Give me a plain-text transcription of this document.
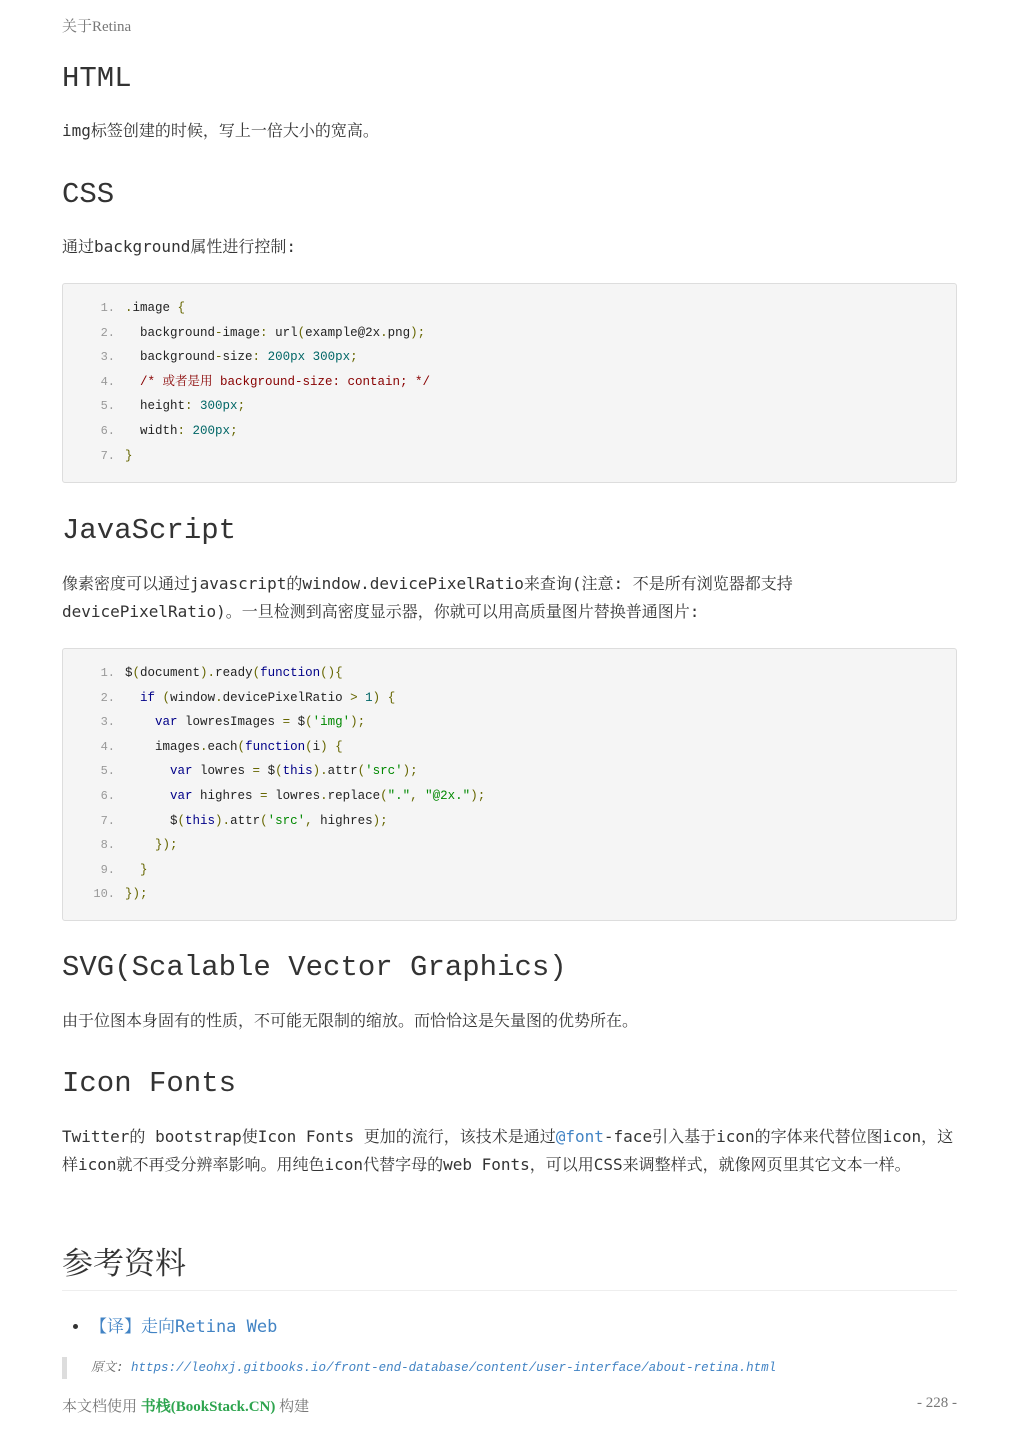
关于Retina
HTML

img标签创建的时候，写上一倍大小的宽高。

CSS

通过background属性进行控制:

1. .image {
2. background-image: url(example@2x.png);
3. background-size: 200px 300px;
4.	/* 或者是用 background-size: contain; */
5. height: 300px;
6. width: 200px;
7. }
JavaScript

像素密度可以通过javascript的window.devicePixelRatio来查询(注意: 不是所有浏览器都支持
devicePixelRatio)。一旦检测到高密度显示器，你就可以用高质量图片替换普通图片:

1. $(document).ready(function(){
2.	if (window.devicePixelRatio > 1) {
3.	var lowresImages = $('img');
4. images.each(function(i) {
5.	var lowres = $(this).attr('src');
6.	var highres = lowres.replace(".", "@2x.");
7. $(this).attr('src', highres);
8.	});
9.	}
10. });
SVG(Scalable Vector Graphics)

由于位图本身固有的性质，不可能无限制的缩放。而恰恰这是矢量图的优势所在。

Icon Fonts

Twitter的 bootstrap使Icon Fonts 更加的流行，该技术是通过@font-face引入基于icon的字体来代替位图icon，这样icon就不再受分辨率影响。用纯色icon代替字母的web Fonts，可以用CSS来调整样式，就像网页里其它文本一样。

参考资料
• 【译】走向Retina Web
原文: https://leohxj.gitbooks.io/front-end-database/content/user-interface/about-retina.html
本文档使用 书栈(BookStack.CN) 构建	- 228 -
